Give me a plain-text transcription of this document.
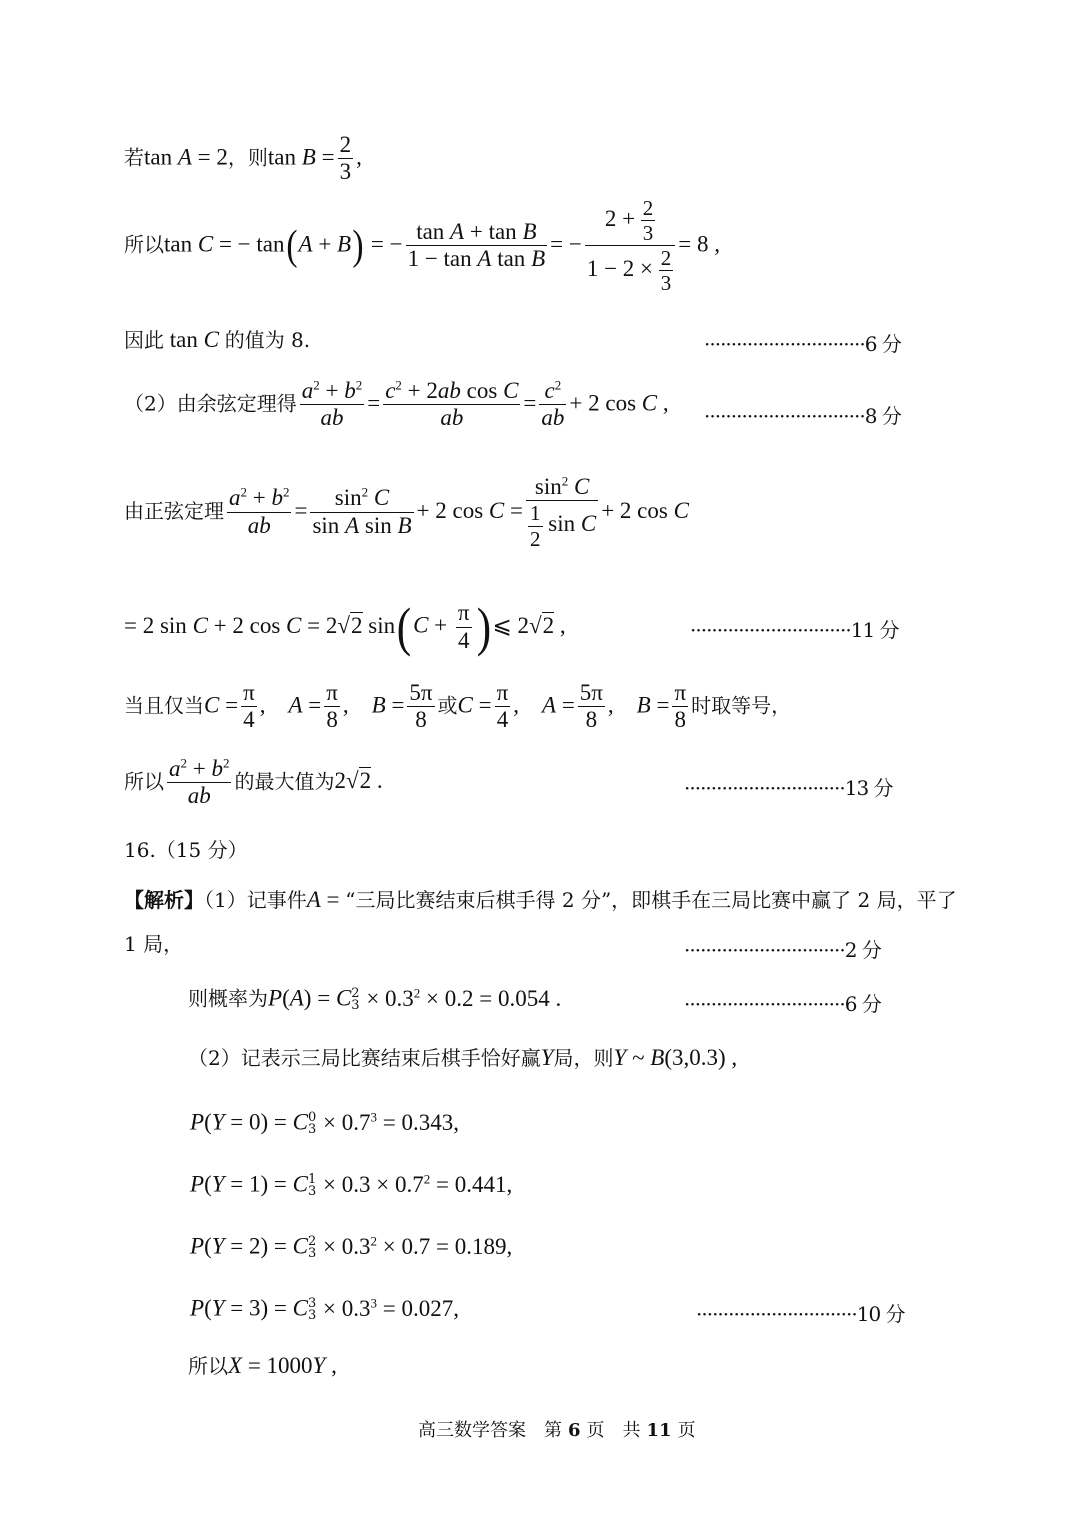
若tan A = 2，则$\tan B = \frac{2}{3}$ ,
所以tan C = − tan(A + B) = − $\frac{\text{tan A + tan B}}{\text{1 − tan A tan B}}$ = − $\frac{2 + \frac{2}{3}}{1 - 2 \times \frac{2}{3}} = 8$ ,
因此 tan C 的值为 8.	······························6 分
（2）由余弦定理得 $\frac{a^2 + b^2}{ab} = \frac{c^2 + 2ab \cos C}{ab} = \frac{c^2}{ab} + 2$ cos C ,
······························8 分
由正弦定理 $\frac{a^2 + b^2}{ab} = \frac{\sin^2 C}{\text{sin A sin B}} + 2$ $\cos C = \frac{\sin^2 C}{\frac{1}{2} \sin C} + 2$ cos C
= 2 sin C + 2 cos C = 2√2 $\sin(C + \frac{\pi}{4}$ )⩽ 2√2 ,	······························11 分
当且仅当$C = \frac{\pi}{4}$ ,　$A = \frac{\pi}{8}$ ,　$B = \frac{5\pi}{8}$ 或$C = \frac{\pi}{4}$ ,　$A = \frac{5\pi}{8}$ ,　$B = \frac{\pi}{8}$ 时取等号，
所以 $\frac{a^2 + b^2}{ab}$ 的最大值为2√2 .	······························13 分
16.（15 分）
【解析】（1）记事件A = “三局比赛结束后棋手得 2 分”，即棋手在三局比赛中赢了 2 局，平了
1 局，	······························2 分
则概率为P(A) = C 2
$3 \times 0.3^2 \times 0.2 = 0.054$ .	······························6 分
（2）记表示三局比赛结束后棋手恰好赢Y局，则Y ~ B(3,0.3) ,
P(Y = 0) = C 0
$3 \times 0.7^3 = 0.343$,
P(Y = 1) = C 1
$3 \times 0.3 \times 0.7^2 = 0.441$,
P(Y = 2) = C 2
$3 \times 0.3^2 \times 0.7 = 0.189$,
P(Y = 3) = C 3
$3 \times 0.3^3 = 0.027$,	······························10 分
所以X = 1000Y ,
高三数学答案　第 6 页　共 11 页
